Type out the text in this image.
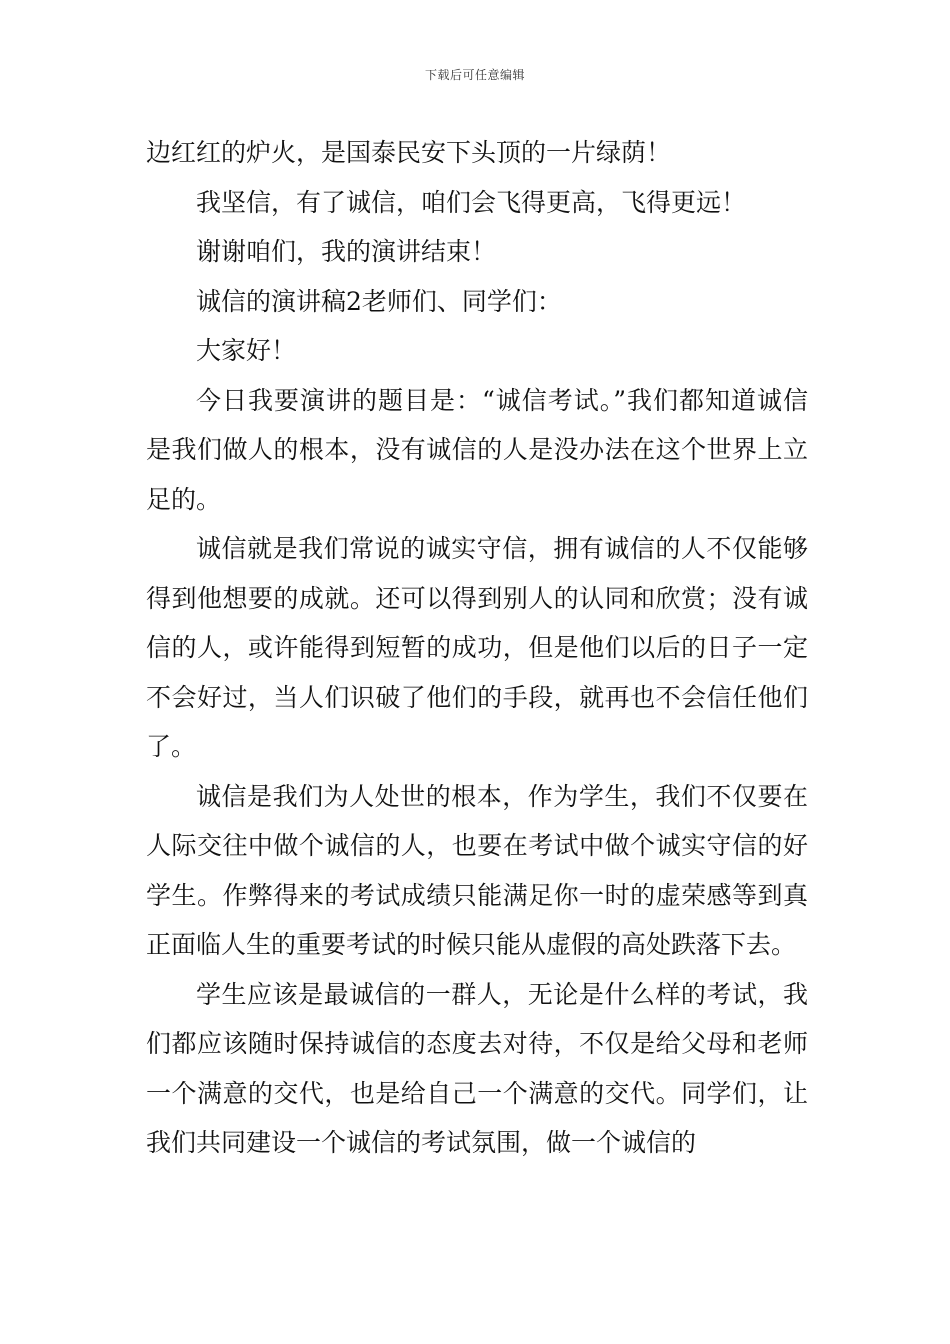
下载后可任意编辑

边红红的炉火，是国泰民安下头顶的一片绿荫！

我坚信，有了诚信，咱们会飞得更高，飞得更远！

谢谢咱们，我的演讲结束！

诚信的演讲稿2老师们、同学们：

大家好！

今日我要演讲的题目是：“诚信考试。”我们都知道诚信是我们做人的根本，没有诚信的人是没办法在这个世界上立足的。

诚信就是我们常说的诚实守信，拥有诚信的人不仅能够得到他想要的成就。还可以得到别人的认同和欣赏；没有诚信的人，或许能得到短暂的成功，但是他们以后的日子一定不会好过，当人们识破了他们的手段，就再也不会信任他们了。

诚信是我们为人处世的根本，作为学生，我们不仅要在人际交往中做个诚信的人，也要在考试中做个诚实守信的好学生。作弊得来的考试成绩只能满足你一时的虚荣感等到真正面临人生的重要考试的时候只能从虚假的高处跌落下去。

学生应该是最诚信的一群人，无论是什么样的考试，我们都应该随时保持诚信的态度去对待，不仅是给父母和老师一个满意的交代，也是给自己一个满意的交代。同学们，让我们共同建设一个诚信的考试氛围，做一个诚信的
